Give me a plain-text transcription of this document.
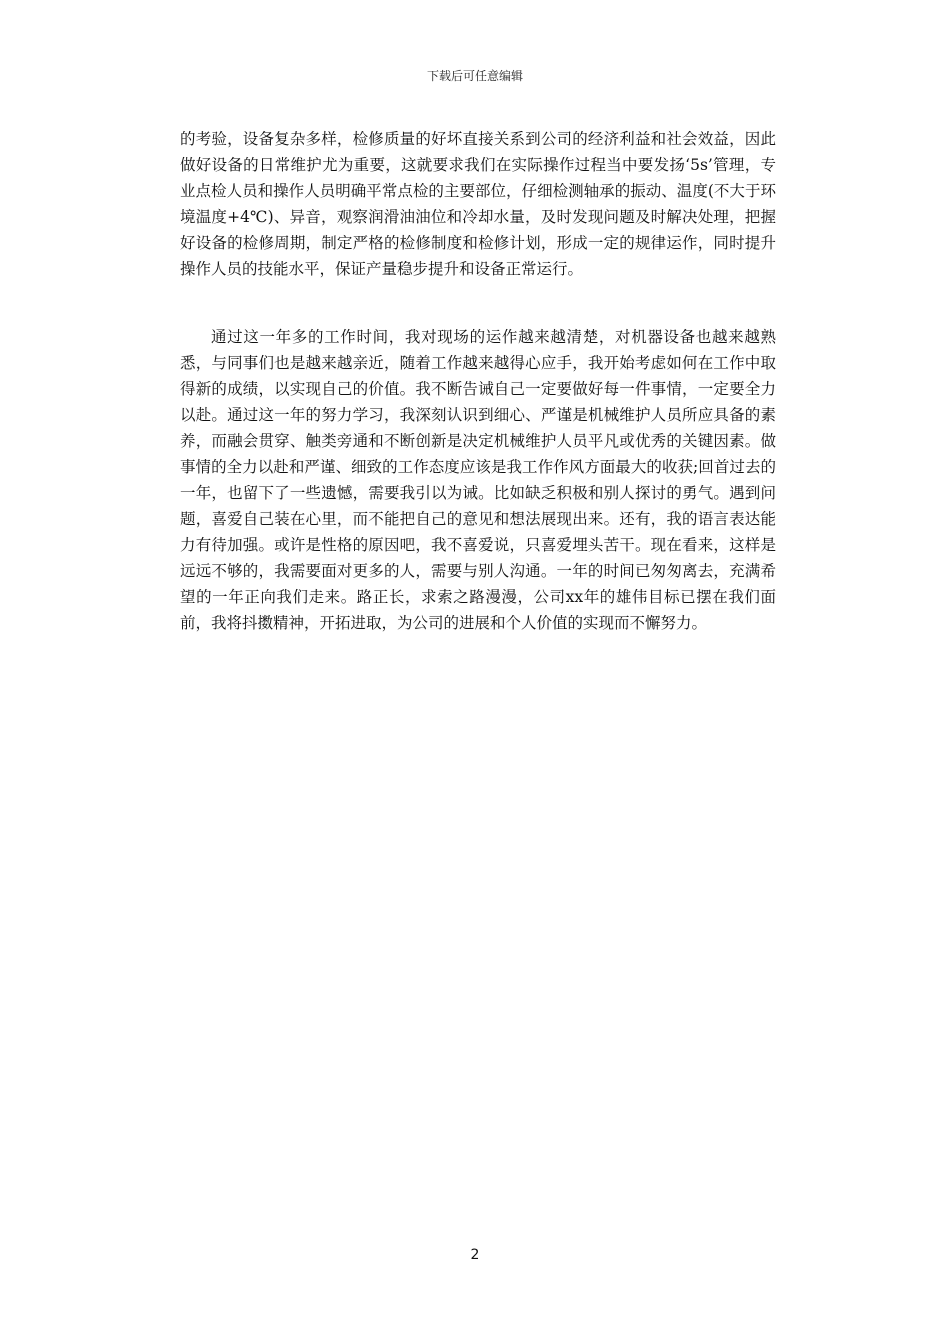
下载后可任意编辑

的考验，设备复杂多样，检修质量的好坏直接关系到公司的经济利益和社会效益，因此做好设备的日常维护尤为重要，这就要求我们在实际操作过程当中要发扬‘5s’管理，专业点检人员和操作人员明确平常点检的主要部位，仔细检测轴承的振动、温度(不大于环境温度+4℃)、异音，观察润滑油油位和冷却水量，及时发现问题及时解决处理，把握好设备的检修周期，制定严格的检修制度和检修计划，形成一定的规律运作，同时提升操作人员的技能水平，保证产量稳步提升和设备正常运行。

通过这一年多的工作时间，我对现场的运作越来越清楚，对机器设备也越来越熟悉，与同事们也是越来越亲近，随着工作越来越得心应手，我开始考虑如何在工作中取得新的成绩，以实现自己的价值。我不断告诫自己一定要做好每一件事情，一定要全力以赴。通过这一年的努力学习，我深刻认识到细心、严谨是机械维护人员所应具备的素养，而融会贯穿、触类旁通和不断创新是决定机械维护人员平凡或优秀的关键因素。做事情的全力以赴和严谨、细致的工作态度应该是我工作作风方面最大的收获;回首过去的一年，也留下了一些遗憾，需要我引以为诫。比如缺乏积极和别人探讨的勇气。遇到问题，喜爱自己装在心里，而不能把自己的意见和想法展现出来。还有，我的语言表达能力有待加强。或许是性格的原因吧，我不喜爱说，只喜爱埋头苦干。现在看来，这样是远远不够的，我需要面对更多的人，需要与别人沟通。一年的时间已匆匆离去，充满希望的一年正向我们走来。路正长，求索之路漫漫，公司xx年的雄伟目标已摆在我们面前，我将抖擞精神，开拓进取，为公司的进展和个人价值的实现而不懈努力。

2
